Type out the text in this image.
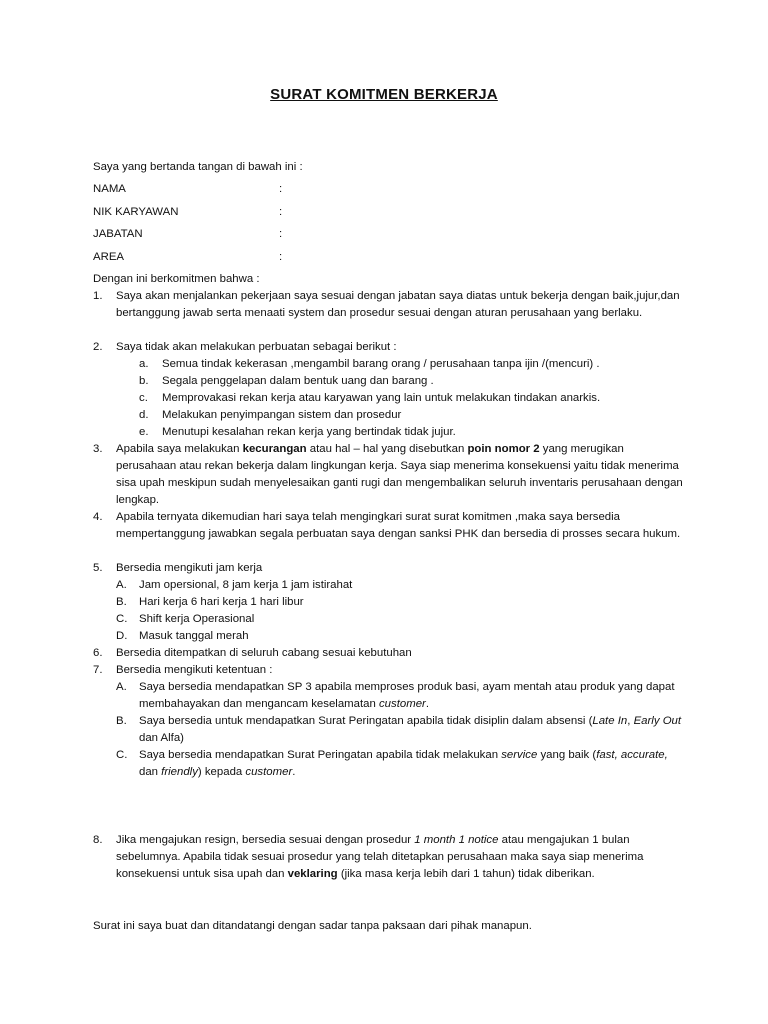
SURAT KOMITMEN BERKERJA
Saya yang bertanda tangan di bawah ini :
NAMA	:
NIK KARYAWAN	:
JABATAN	:
AREA	:
Dengan ini berkomitmen bahwa :
1. Saya akan menjalankan pekerjaan saya sesuai dengan jabatan saya diatas untuk bekerja dengan baik,jujur,dan bertanggung jawab serta menaati system dan prosedur sesuai dengan aturan perusahaan yang berlaku.
2. Saya tidak akan melakukan perbuatan sebagai berikut :
a. Semua tindak kekerasan ,mengambil barang orang / perusahaan tanpa ijin /(mencuri) .
b. Segala penggelapan dalam bentuk uang dan barang .
c. Memprovakasi rekan kerja atau karyawan yang lain untuk melakukan tindakan anarkis.
d. Melakukan penyimpangan sistem dan prosedur
e. Menutupi kesalahan rekan kerja yang bertindak tidak jujur.
3. Apabila saya melakukan kecurangan atau hal – hal yang disebutkan poin nomor 2 yang merugikan perusahaan atau rekan bekerja dalam lingkungan kerja. Saya siap menerima konsekuensi yaitu tidak menerima sisa upah meskipun sudah menyelesaikan ganti rugi dan mengembalikan seluruh inventaris perusahaan dengan lengkap.
4. Apabila ternyata dikemudian hari saya telah mengingkari surat surat komitmen ,maka saya bersedia mempertanggung jawabkan segala perbuatan saya dengan sanksi PHK dan bersedia di prosses secara hukum.
5. Bersedia mengikuti jam kerja
A. Jam opersional, 8 jam kerja 1 jam istirahat
B. Hari kerja 6 hari kerja 1 hari libur
C. Shift kerja Operasional
D. Masuk tanggal merah
6. Bersedia ditempatkan di seluruh cabang sesuai kebutuhan
7. Bersedia mengikuti ketentuan :
A. Saya bersedia mendapatkan SP 3 apabila memproses produk basi, ayam mentah atau produk yang dapat membahayakan dan mengancam keselamatan customer.
B. Saya bersedia untuk mendapatkan Surat Peringatan apabila tidak disiplin dalam absensi (Late In, Early Out dan Alfa)
C. Saya bersedia mendapatkan Surat Peringatan apabila tidak melakukan service yang baik (fast, accurate, dan friendly) kepada customer.
8. Jika mengajukan resign, bersedia sesuai dengan prosedur 1 month 1 notice atau mengajukan 1 bulan sebelumnya. Apabila tidak sesuai prosedur yang telah ditetapkan perusahaan maka saya siap menerima konsekuensi untuk sisa upah dan veklaring (jika masa kerja lebih dari 1 tahun) tidak diberikan.
Surat ini saya buat dan ditandatangi dengan sadar tanpa paksaan dari pihak manapun.
